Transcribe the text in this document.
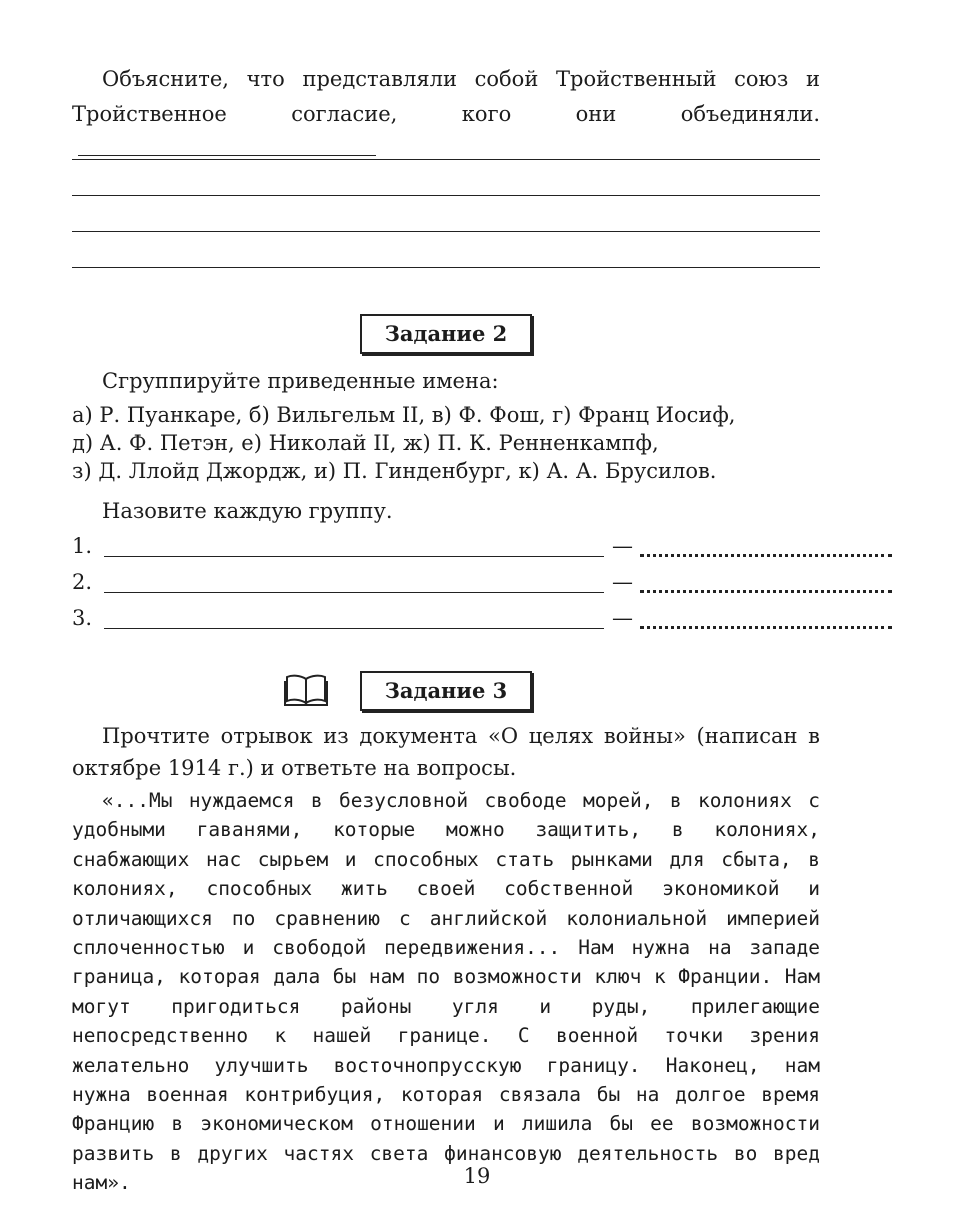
Объясните, что представляли собой Тройственный союз и Тройственное согласие, кого они объединяли.

Задание 2
Сгруппируйте приведенные имена:
а) Р. Пуанкаре, б) Вильгельм II, в) Ф. Фош, г) Франц Иосиф,
д) А. Ф. Петэн, е) Николай II, ж) П. К. Ренненкампф,
з) Д. Ллойд Джордж, и) П. Гинденбург, к) А. А. Брусилов.
Назовите каждую группу.
1.	—
2.	—
3.	—
Задание 3

Прочтите отрывок из документа «О целях войны» (написан в октябре 1914 г.) и ответьте на вопросы.

«...Мы нуждаемся в безусловной свободе морей, в колониях с удобными гаванями, которые можно защитить, в колониях, снабжающих нас сырьем и способных стать рынками для сбыта, в колониях, способных жить своей собственной экономикой и отличающихся по сравнению с английской колониальной империей сплоченностью и свободой передвижения... Нам нужна на западе граница, которая дала бы нам по возможности ключ к Франции. Нам могут пригодиться районы угля и руды, прилегающие непосредственно к нашей границе. С военной точки зрения желательно улучшить восточнопрусскую границу. Наконец, нам нужна военная контрибуция, которая связала бы на долгое время Францию в экономическом отношении и лишила бы ее возможности развить в других частях света финансовую деятельность во вред нам».	19
